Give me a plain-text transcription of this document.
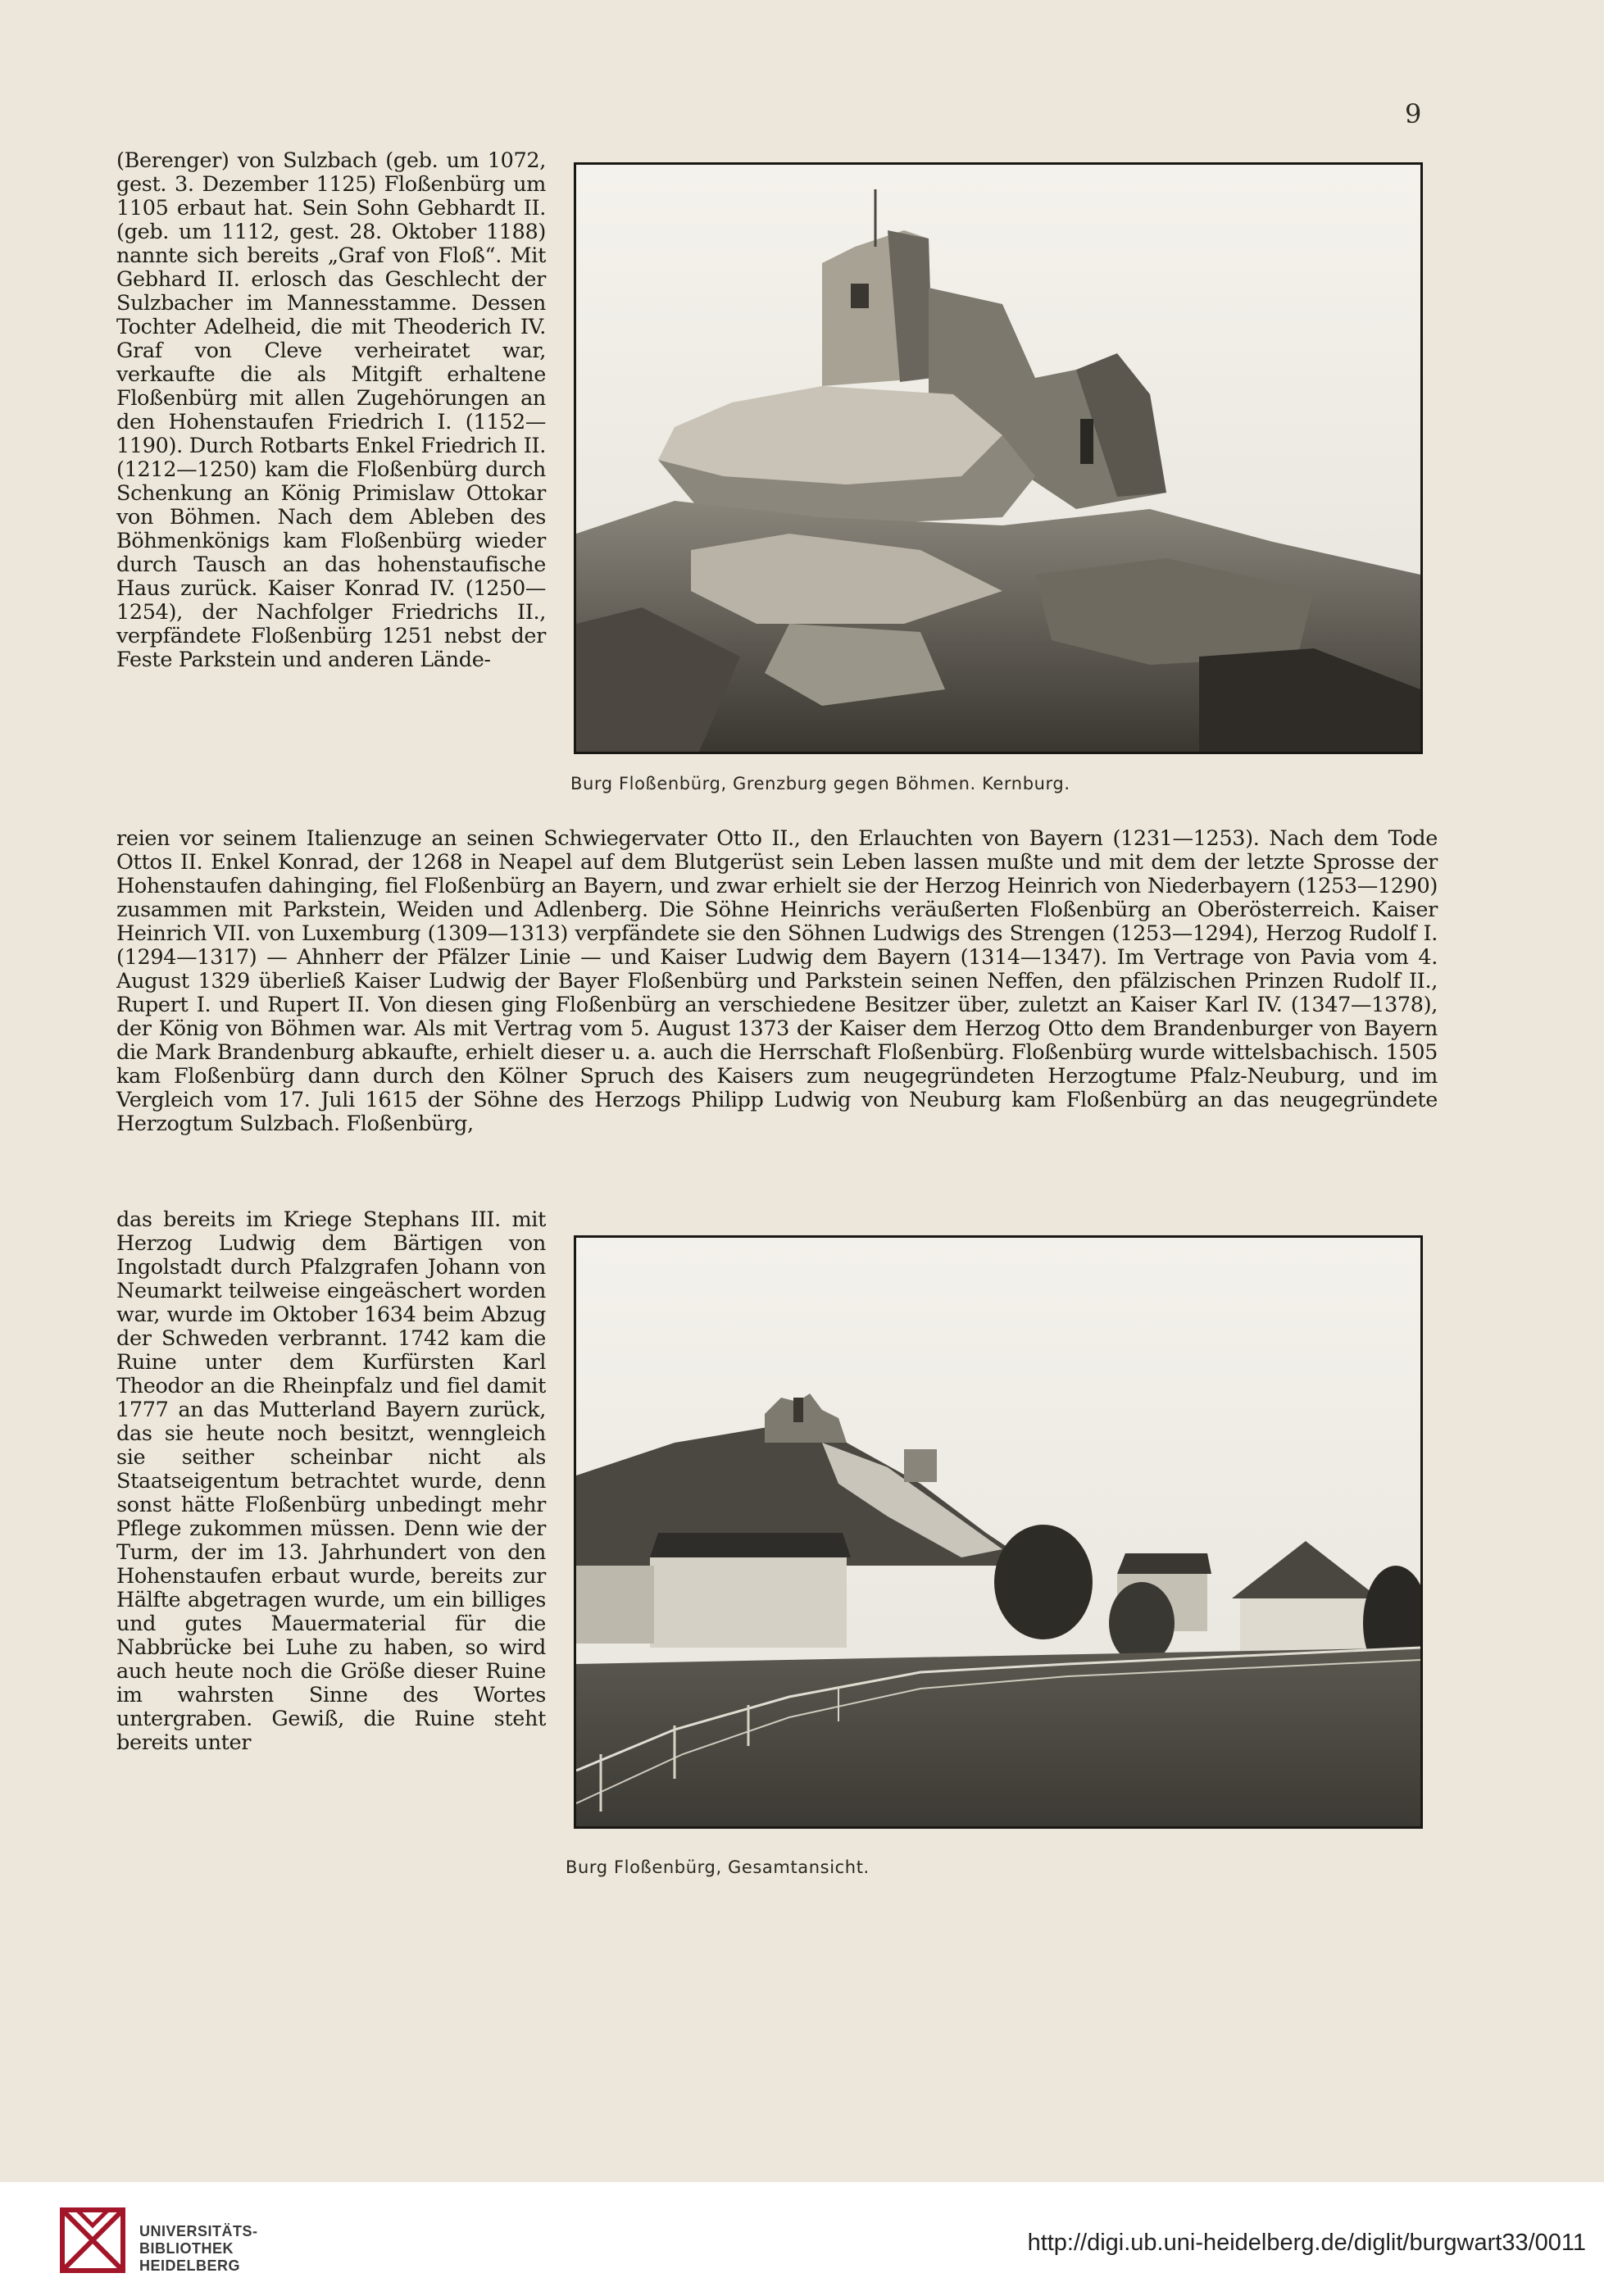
9

(Berenger) von Sulzbach (geb. um 1072, gest. 3. Dezember 1125) Floßenbürg um 1105 erbaut hat. Sein Sohn Gebhardt II. (geb. um 1112, gest. 28. Oktober 1188) nannte sich bereits „Graf von Floß“. Mit Gebhard II. erlosch das Geschlecht der Sulzbacher im Mannesstamme. Dessen Tochter Adelheid, die mit Theoderich IV. Graf von Cleve verheiratet war, verkaufte die als Mitgift erhaltene Floßenbürg mit allen Zugehörungen an den Hohenstaufen Friedrich I. (1152—1190). Durch Rotbarts Enkel Friedrich II. (1212—1250) kam die Floßenbürg durch Schenkung an König Primislaw Ottokar von Böhmen. Nach dem Ableben des Böhmenkönigs kam Floßenbürg wieder durch Tausch an das hohenstaufische Haus zurück. Kaiser Konrad IV. (1250—1254), der Nachfolger Friedrichs II., verpfändete Floßenbürg 1251 nebst der Feste Parkstein und anderen Lände-

Burg Floßenbürg, Grenzburg gegen Böhmen. Kernburg.

reien vor seinem Italienzuge an seinen Schwiegervater Otto II., den Erlauchten von Bayern (1231—1253). Nach dem Tode Ottos II. Enkel Konrad, der 1268 in Neapel auf dem Blutgerüst sein Leben lassen mußte und mit dem der letzte Sprosse der Hohenstaufen dahinging, fiel Floßenbürg an Bayern, und zwar erhielt sie der Herzog Heinrich von Niederbayern (1253—1290) zusammen mit Parkstein, Weiden und Adlenberg. Die Söhne Heinrichs veräußerten Floßenbürg an Oberösterreich. Kaiser Heinrich VII. von Luxemburg (1309—1313) verpfändete sie den Söhnen Ludwigs des Strengen (1253—1294), Herzog Rudolf I. (1294—1317) — Ahnherr der Pfälzer Linie — und Kaiser Ludwig dem Bayern (1314—1347). Im Vertrage von Pavia vom 4. August 1329 überließ Kaiser Ludwig der Bayer Floßenbürg und Parkstein seinen Neffen, den pfälzischen Prinzen Rudolf II., Rupert I. und Rupert II. Von diesen ging Floßenbürg an verschiedene Besitzer über, zuletzt an Kaiser Karl IV. (1347—1378), der König von Böhmen war. Als mit Vertrag vom 5. August 1373 der Kaiser dem Herzog Otto dem Brandenburger von Bayern die Mark Brandenburg abkaufte, erhielt dieser u. a. auch die Herrschaft Floßenbürg. Floßenbürg wurde wittelsbachisch. 1505 kam Floßenbürg dann durch den Kölner Spruch des Kaisers zum neugegründeten Herzogtume Pfalz-Neuburg, und im Vergleich vom 17. Juli 1615 der Söhne des Herzogs Philipp Ludwig von Neuburg kam Floßenbürg an das neugegründete Herzogtum Sulzbach. Floßenbürg,

das bereits im Kriege Stephans III. mit Herzog Ludwig dem Bärtigen von Ingolstadt durch Pfalzgrafen Johann von Neumarkt teilweise eingeäschert worden war, wurde im Oktober 1634 beim Abzug der Schweden verbrannt. 1742 kam die Ruine unter dem Kurfürsten Karl Theodor an die Rheinpfalz und fiel damit 1777 an das Mutterland Bayern zurück, das sie heute noch besitzt, wenngleich sie seither scheinbar nicht als Staatseigentum betrachtet wurde, denn sonst hätte Floßenbürg unbedingt mehr Pflege zukommen müssen. Denn wie der Turm, der im 13. Jahrhundert von den Hohenstaufen erbaut wurde, bereits zur Hälfte abgetragen wurde, um ein billiges und gutes Mauermaterial für die Nabbrücke bei Luhe zu haben, so wird auch heute noch die Größe dieser Ruine im wahrsten Sinne des Wortes untergraben. Gewiß, die Ruine steht bereits unter

Burg Floßenbürg, Gesamtansicht.
UNIVERSITÄTS-
BIBLIOTHEK
HEIDELBERG
http://digi.ub.uni-heidelberg.de/diglit/burgwart33/0011
